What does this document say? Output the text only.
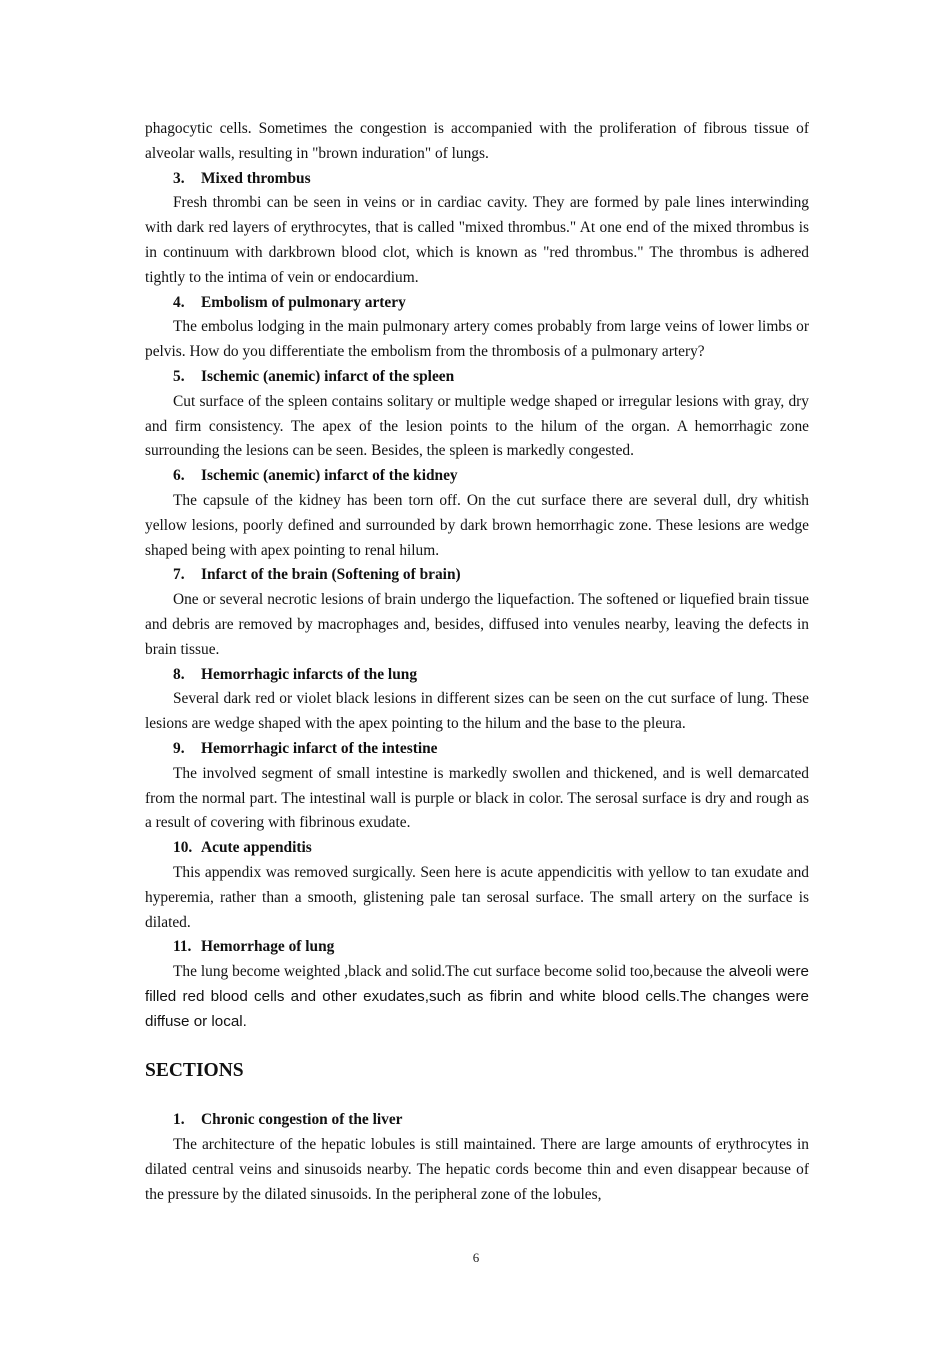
phagocytic cells. Sometimes the congestion is accompanied with the proliferation of fibrous tissue of alveolar walls, resulting in "brown induration" of lungs.

3. Mixed thrombus

Fresh thrombi can be seen in veins or in cardiac cavity. They are formed by pale lines interwinding with dark red layers of erythrocytes, that is called "mixed thrombus." At one end of the mixed thrombus is in continuum with darkbrown blood clot, which is known as "red thrombus." The thrombus is adhered tightly to the intima of vein or endocardium.

4. Embolism of pulmonary artery

The embolus lodging in the main pulmonary artery comes probably from large veins of lower limbs or pelvis. How do you differentiate the embolism from the thrombosis of a pulmonary artery?

5. Ischemic (anemic) infarct of the spleen

Cut surface of the spleen contains solitary or multiple wedge shaped or irregular lesions with gray, dry and firm consistency. The apex of the lesion points to the hilum of the organ. A hemorrhagic zone surrounding the lesions can be seen. Besides, the spleen is markedly congested.

6. Ischemic (anemic) infarct of the kidney

The capsule of the kidney has been torn off. On the cut surface there are several dull, dry whitish yellow lesions, poorly defined and surrounded by dark brown hemorrhagic zone. These lesions are wedge shaped being with apex pointing to renal hilum.

7. Infarct of the brain (Softening of brain)

One or several necrotic lesions of brain undergo the liquefaction. The softened or liquefied brain tissue and debris are removed by macrophages and, besides, diffused into venules nearby, leaving the defects in brain tissue.

8. Hemorrhagic infarcts of the lung

Several dark red or violet black lesions in different sizes can be seen on the cut surface of lung. These lesions are wedge shaped with the apex pointing to the hilum and the base to the pleura.

9. Hemorrhagic infarct of the intestine

The involved segment of small intestine is markedly swollen and thickened, and is well demarcated from the normal part. The intestinal wall is purple or black in color. The serosal surface is dry and rough as a result of covering with fibrinous exudate.

10. Acute appenditis

This appendix was removed surgically. Seen here is acute appendicitis with yellow to tan exudate and hyperemia, rather than a smooth, glistening pale tan serosal surface. The small artery on the surface is dilated.

11. Hemorrhage of lung

The lung become weighted ,black and solid.The cut surface become solid too,because the alveoli were filled red blood cells and other exudates,such as fibrin and white blood cells.The changes were diffuse or local.

SECTIONS

1. Chronic congestion of the liver

The architecture of the hepatic lobules is still maintained. There are large amounts of erythrocytes in dilated central veins and sinusoids nearby. The hepatic cords become thin and even disappear because of the pressure by the dilated sinusoids. In the peripheral zone of the lobules,

6
